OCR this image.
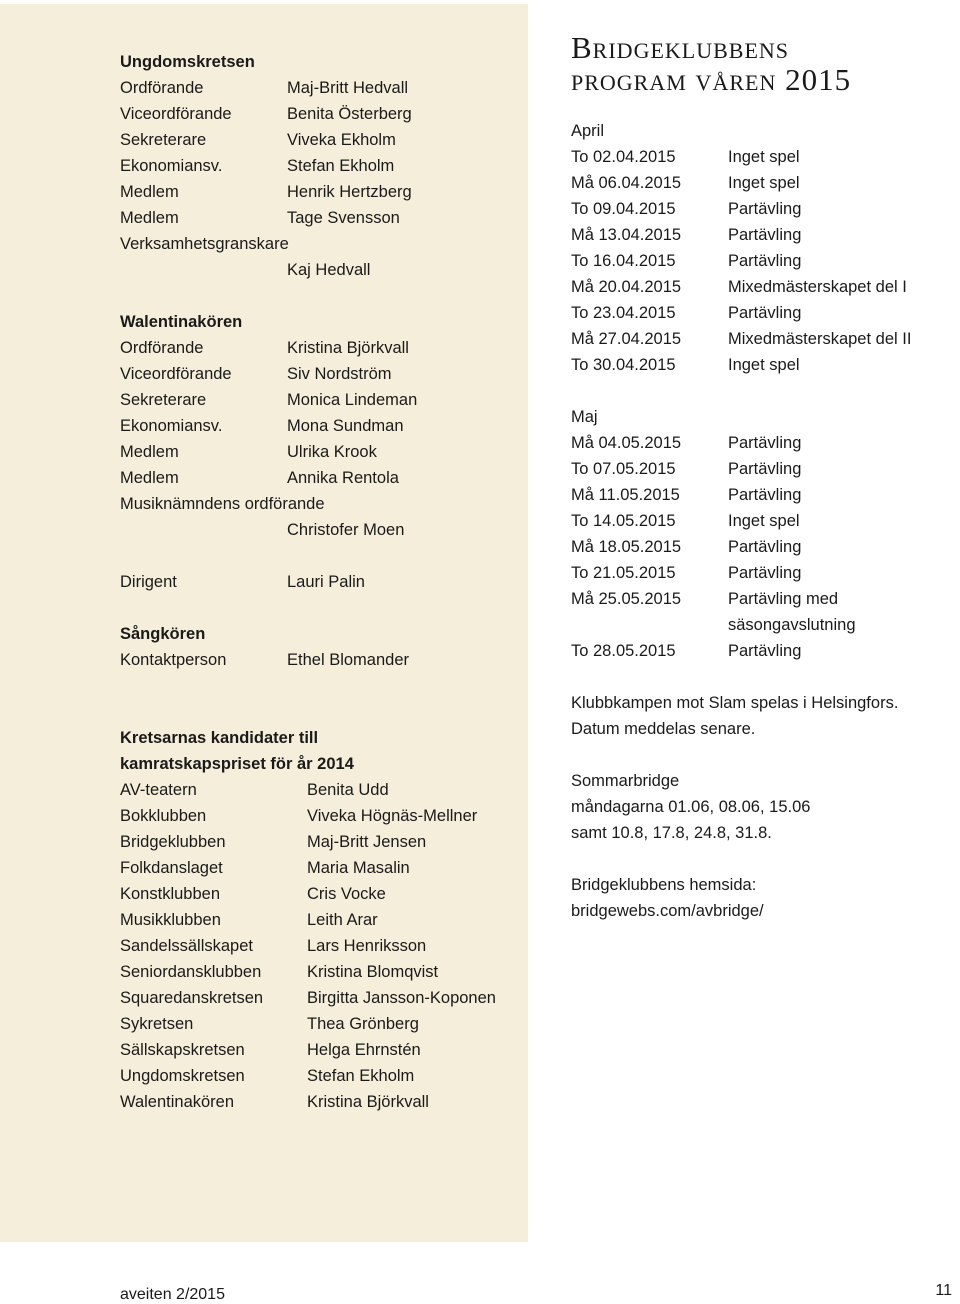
Ungdomskretsen
Ordförande	Maj-Britt Hedvall
Viceordförande	Benita Österberg
Sekreterare	Viveka Ekholm
Ekonomiansv.	Stefan Ekholm
Medlem	Henrik Hertzberg
Medlem	Tage Svensson
Verksamhetsgranskare
Kaj Hedvall
Walentinakören
Ordförande	Kristina Björkvall
Viceordförande	Siv Nordström
Sekreterare	Monica Lindeman
Ekonomiansv.	Mona Sundman
Medlem	Ulrika Krook
Medlem	Annika Rentola
Musiknämndens ordförande
Christofer Moen
Dirigent	Lauri Palin
Sångkören
Kontaktperson	Ethel Blomander
Kretsarnas kandidater till
kamratskapspriset för år 2014
AV-teatern	Benita Udd
Bokklubben	Viveka Högnäs-Mellner
Bridgeklubben	Maj-Britt Jensen
Folkdanslaget	Maria Masalin
Konstklubben	Cris Vocke
Musikklubben	Leith Arar
Sandelssällskapet	Lars Henriksson
Seniordansklubben	Kristina Blomqvist
Squaredanskretsen	Birgitta Jansson-Koponen
Sykretsen	Thea Grönberg
Sällskapskretsen	Helga Ehrnstén
Ungdomskretsen	Stefan Ekholm
Walentinakören	Kristina Björkvall
Bridgeklubbens
program våren 2015
April
To 02.04.2015	Inget spel
Må 06.04.2015	Inget spel
To 09.04.2015	Partävling
Må 13.04.2015	Partävling
To 16.04.2015	Partävling
Må 20.04.2015	Mixedmästerskapet del I
To 23.04.2015	Partävling
Må 27.04.2015	Mixedmästerskapet del II
To 30.04.2015	Inget spel
Maj
Må 04.05.2015	Partävling
To 07.05.2015	Partävling
Må 11.05.2015	Partävling
To 14.05.2015	Inget spel
Må 18.05.2015	Partävling
To 21.05.2015	Partävling
Må 25.05.2015	Partävling med
säsongavslutning
To 28.05.2015	Partävling
Klubbkampen mot Slam spelas i Helsingfors.
Datum meddelas senare.
Sommarbridge
måndagarna 01.06, 08.06, 15.06
samt 10.8, 17.8, 24.8, 31.8.
Bridgeklubbens hemsida:
bridgewebs.com/avbridge/
aveiten 2/2015	11
